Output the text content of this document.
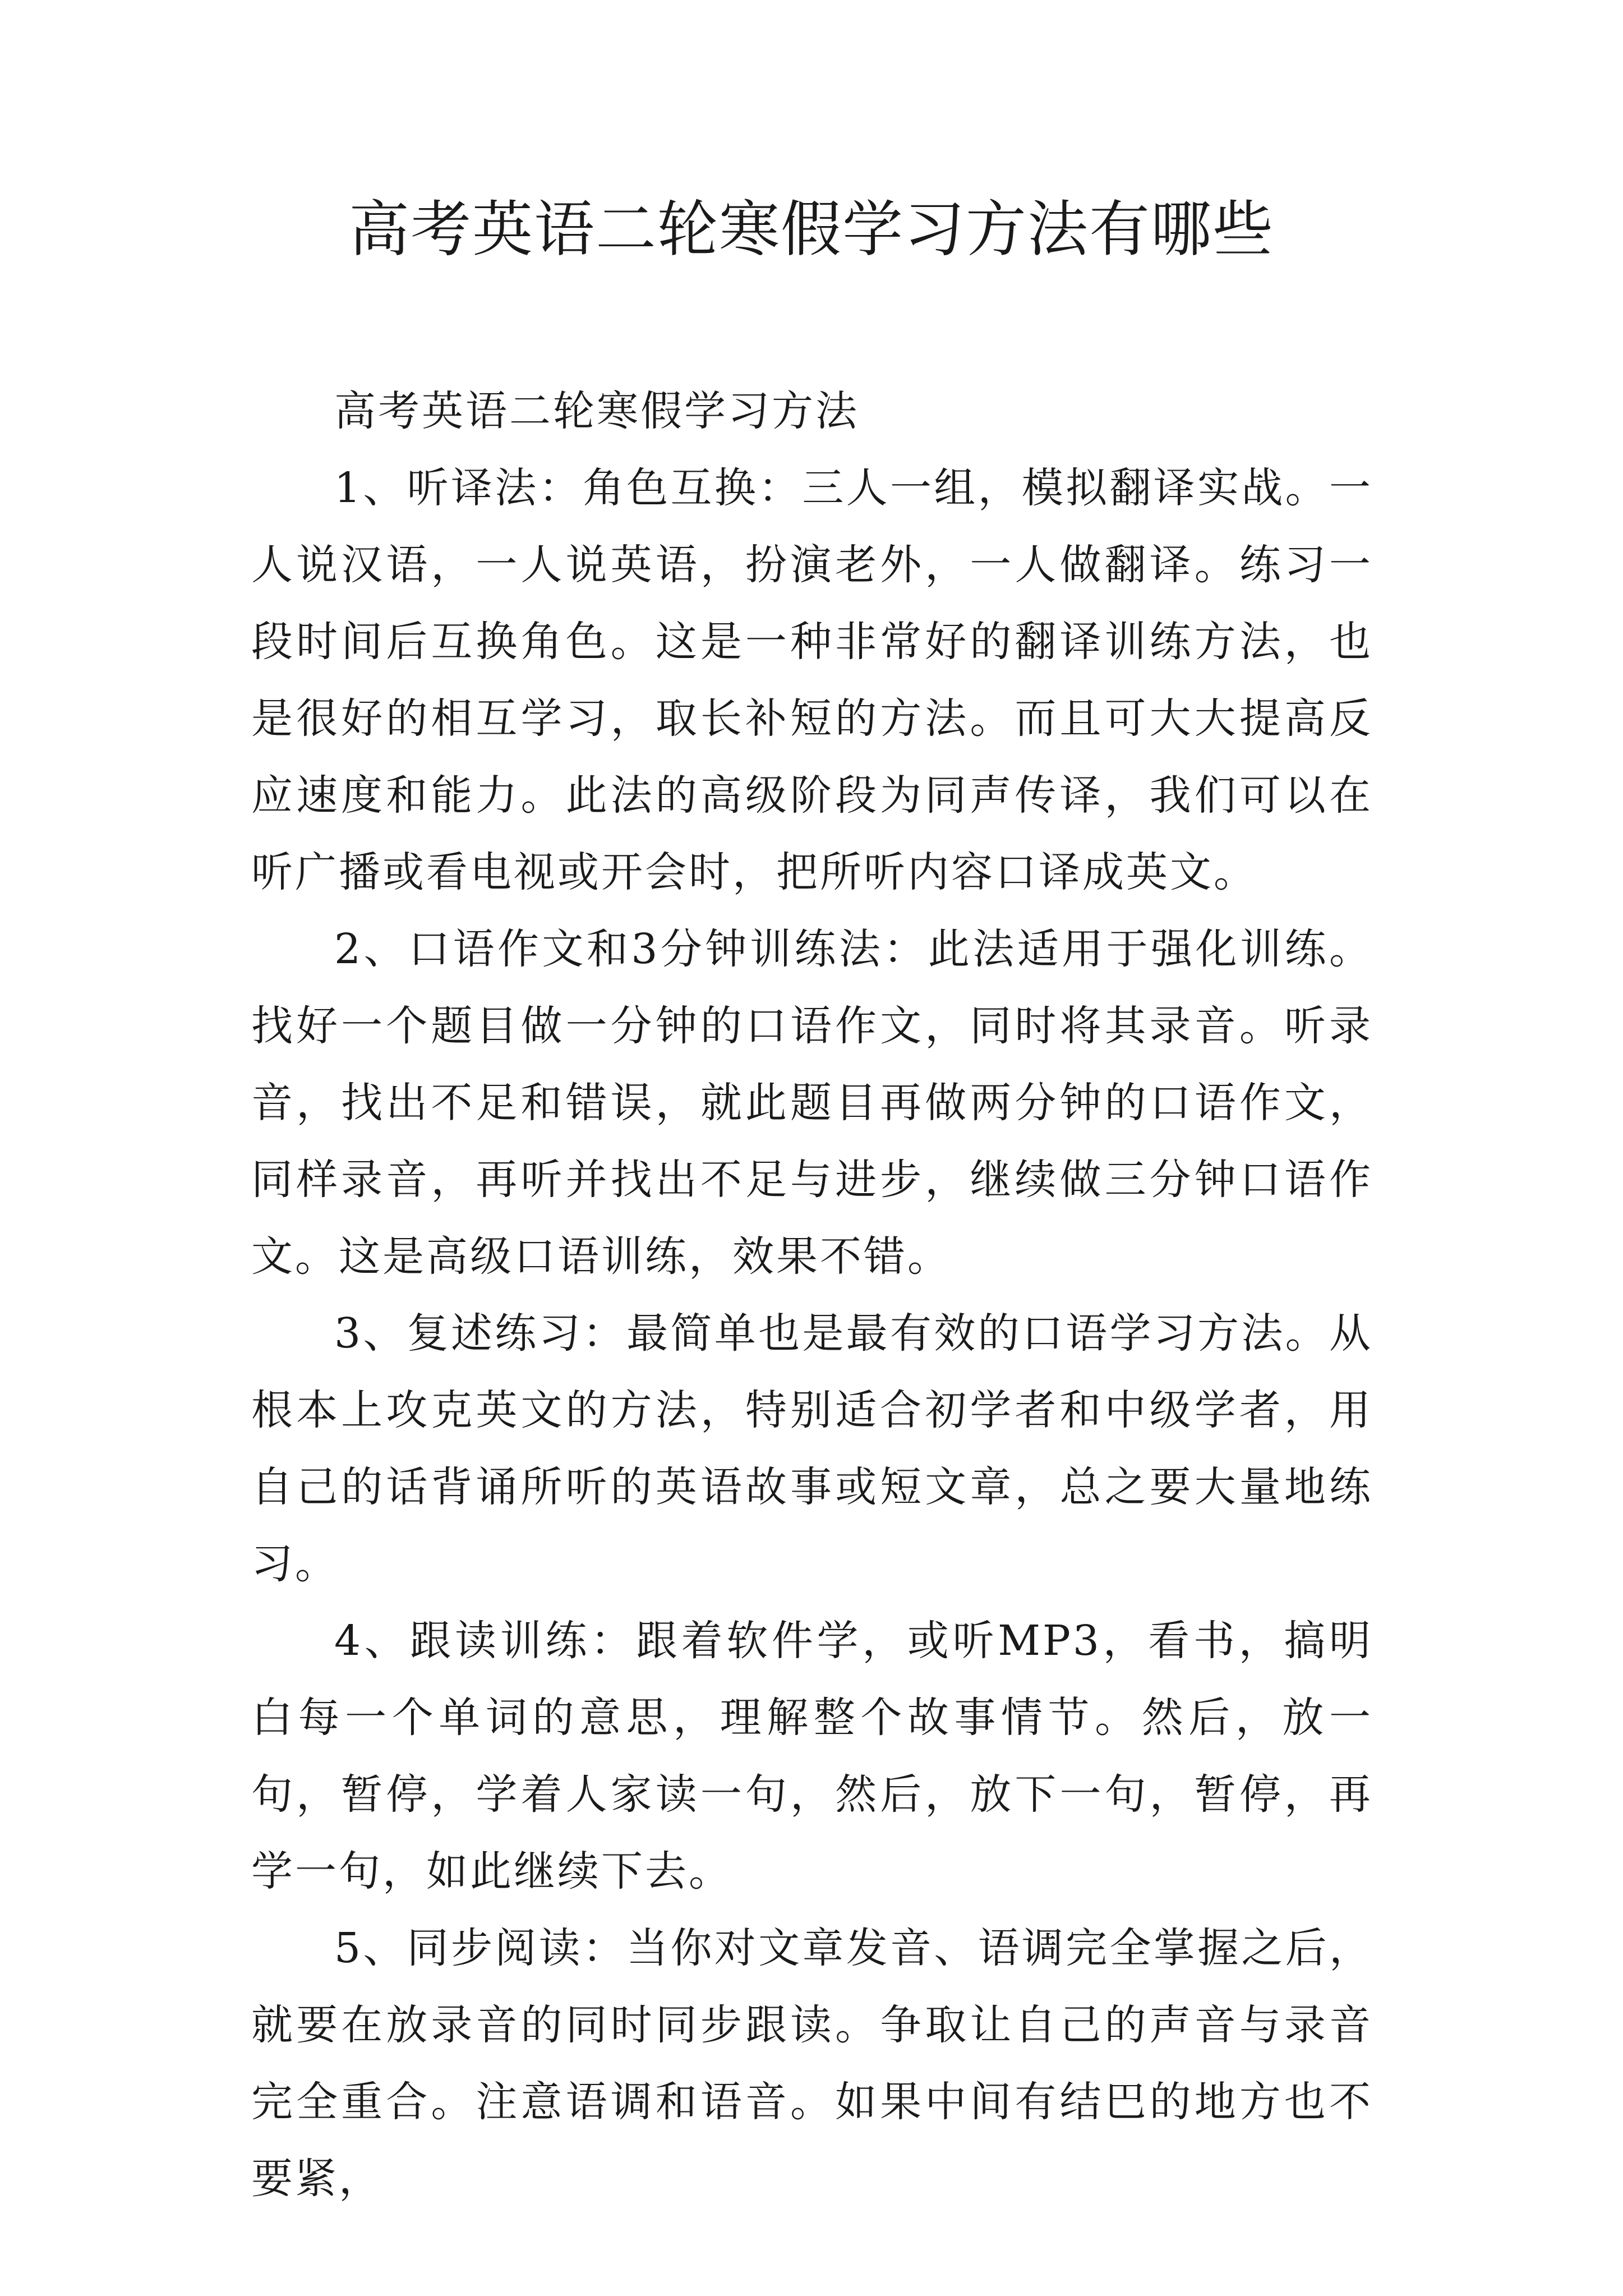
高考英语二轮寒假学习方法有哪些

高考英语二轮寒假学习方法

1、听译法：角色互换：三人一组，模拟翻译实战。一人说汉语，一人说英语，扮演老外，一人做翻译。练习一段时间后互换角色。这是一种非常好的翻译训练方法，也是很好的相互学习，取长补短的方法。而且可大大提高反应速度和能力。此法的高级阶段为同声传译，我们可以在听广播或看电视或开会时，把所听内容口译成英文。

2、口语作文和3分钟训练法：此法适用于强化训练。找好一个题目做一分钟的口语作文，同时将其录音。听录音，找出不足和错误，就此题目再做两分钟的口语作文，同样录音，再听并找出不足与进步，继续做三分钟口语作文。这是高级口语训练，效果不错。

3、复述练习：最简单也是最有效的口语学习方法。从根本上攻克英文的方法，特别适合初学者和中级学者，用自己的话背诵所听的英语故事或短文章，总之要大量地练习。

4、跟读训练：跟着软件学，或听MP3，看书，搞明白每一个单词的意思，理解整个故事情节。然后，放一句，暂停，学着人家读一句，然后，放下一句，暂停，再学一句，如此继续下去。

5、同步阅读：当你对文章发音、语调完全掌握之后，就要在放录音的同时同步跟读。争取让自己的声音与录音完全重合。注意语调和语音。如果中间有结巴的地方也不要紧，
